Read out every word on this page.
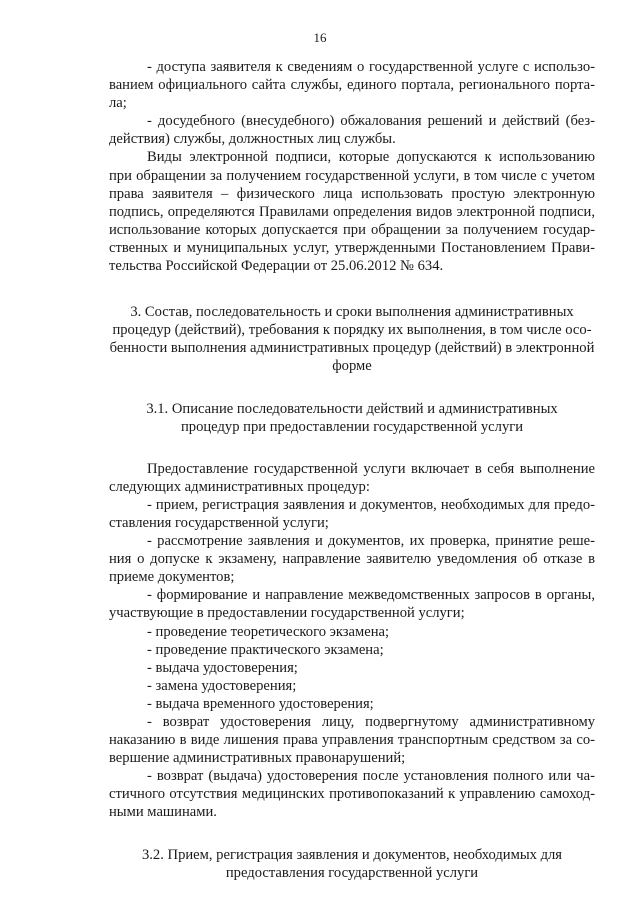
16

- доступа заявителя к сведениям о государственной услуге с использованием официального сайта службы, единого портала, регионального портала;

- досудебного (внесудебного) обжалования решений и действий (бездействия) службы, должностных лиц службы.

Виды электронной подписи, которые допускаются к использованию при обращении за получением государственной услуги, в том числе с учетом права заявителя – физического лица использовать простую электронную подпись, определяются Правилами определения видов электронной подписи, использование которых допускается при обращении за получением государственных и муниципальных услуг, утвержденными Постановлением Правительства Российской Федерации от 25.06.2012 № 634.

3. Состав, последовательность и сроки выполнения административных процедур (действий), требования к порядку их выполнения, в том числе особенности выполнения административных процедур (действий) в электронной форме

3.1. Описание последовательности действий и административных процедур при предоставлении государственной услуги

Предоставление государственной услуги включает в себя выполнение следующих административных процедур:

- прием, регистрация заявления и документов, необходимых для предоставления государственной услуги;

- рассмотрение заявления и документов, их проверка, принятие решения о допуске к экзамену, направление заявителю уведомления об отказе в приеме документов;

- формирование и направление межведомственных запросов в органы, участвующие в предоставлении государственной услуги;

- проведение теоретического экзамена;

- проведение практического экзамена;

- выдача удостоверения;

- замена удостоверения;

- выдача временного удостоверения;

- возврат удостоверения лицу, подвергнутому административному наказанию в виде лишения права управления транспортным средством за совершение административных правонарушений;

- возврат (выдача) удостоверения после установления полного или частичного отсутствия медицинских противопоказаний к управлению самоходными машинами.

3.2. Прием, регистрация заявления и документов, необходимых для предоставления государственной услуги
